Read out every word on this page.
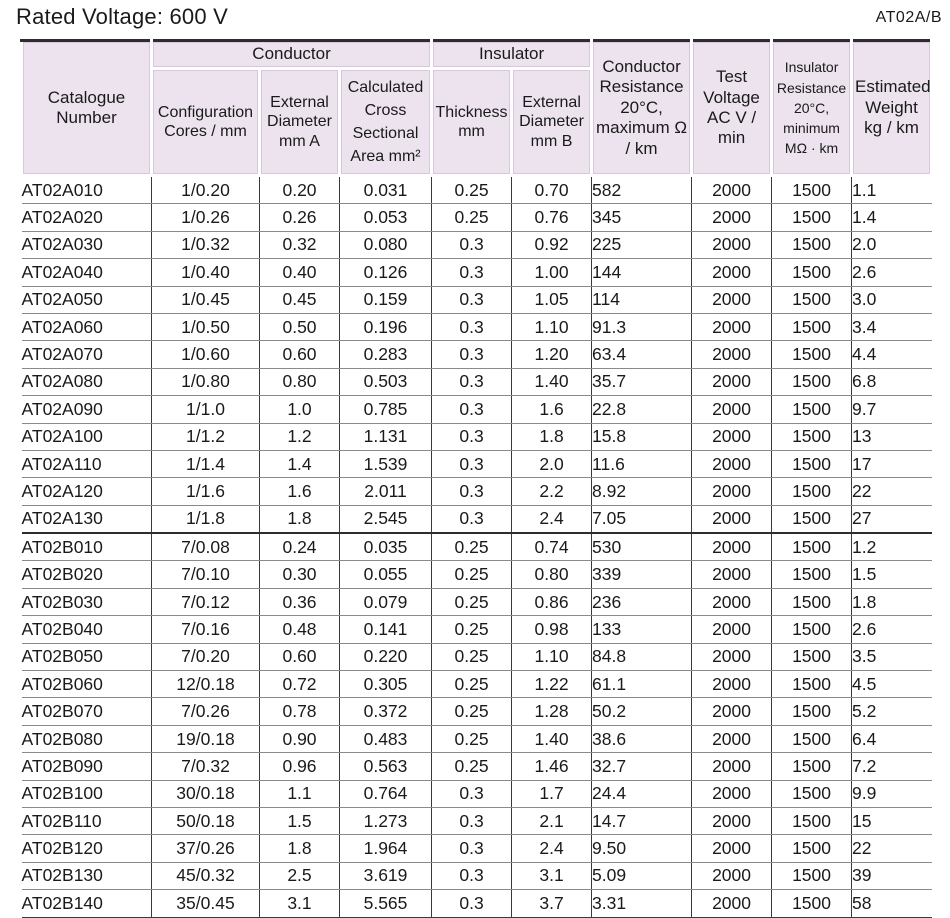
Rated Voltage: 600 V	AT02A/B
Catalogue Number	Conductor			Insulator		Conductor Resistance 20°C, maximum Ω / km	Test Voltage AC V / min	Insulator Resistance 20°C, minimum MΩ · km	Estimated Weight kg / km
	Configuration Cores / mm	External Diameter mm A	Calculated Cross Sectional Area mm²	Thickness mm	External Diameter mm B				
AT02A010	1/0.20	0.20	0.031	0.25	0.70	582	2000	1500	1.1
AT02A020	1/0.26	0.26	0.053	0.25	0.76	345	2000	1500	1.4
AT02A030	1/0.32	0.32	0.080	0.3	0.92	225	2000	1500	2.0
AT02A040	1/0.40	0.40	0.126	0.3	1.00	144	2000	1500	2.6
AT02A050	1/0.45	0.45	0.159	0.3	1.05	114	2000	1500	3.0
AT02A060	1/0.50	0.50	0.196	0.3	1.10	91.3	2000	1500	3.4
AT02A070	1/0.60	0.60	0.283	0.3	1.20	63.4	2000	1500	4.4
AT02A080	1/0.80	0.80	0.503	0.3	1.40	35.7	2000	1500	6.8
AT02A090	1/1.0	1.0	0.785	0.3	1.6	22.8	2000	1500	9.7
AT02A100	1/1.2	1.2	1.131	0.3	1.8	15.8	2000	1500	13
AT02A110	1/1.4	1.4	1.539	0.3	2.0	11.6	2000	1500	17
AT02A120	1/1.6	1.6	2.011	0.3	2.2	8.92	2000	1500	22
AT02A130	1/1.8	1.8	2.545	0.3	2.4	7.05	2000	1500	27
AT02B010	7/0.08	0.24	0.035	0.25	0.74	530	2000	1500	1.2
AT02B020	7/0.10	0.30	0.055	0.25	0.80	339	2000	1500	1.5
AT02B030	7/0.12	0.36	0.079	0.25	0.86	236	2000	1500	1.8
AT02B040	7/0.16	0.48	0.141	0.25	0.98	133	2000	1500	2.6
AT02B050	7/0.20	0.60	0.220	0.25	1.10	84.8	2000	1500	3.5
AT02B060	12/0.18	0.72	0.305	0.25	1.22	61.1	2000	1500	4.5
AT02B070	7/0.26	0.78	0.372	0.25	1.28	50.2	2000	1500	5.2
AT02B080	19/0.18	0.90	0.483	0.25	1.40	38.6	2000	1500	6.4
AT02B090	7/0.32	0.96	0.563	0.25	1.46	32.7	2000	1500	7.2
AT02B100	30/0.18	1.1	0.764	0.3	1.7	24.4	2000	1500	9.9
AT02B110	50/0.18	1.5	1.273	0.3	2.1	14.7	2000	1500	15
AT02B120	37/0.26	1.8	1.964	0.3	2.4	9.50	2000	1500	22
AT02B130	45/0.32	2.5	3.619	0.3	3.1	5.09	2000	1500	39
AT02B140	35/0.45	3.1	5.565	0.3	3.7	3.31	2000	1500	58
